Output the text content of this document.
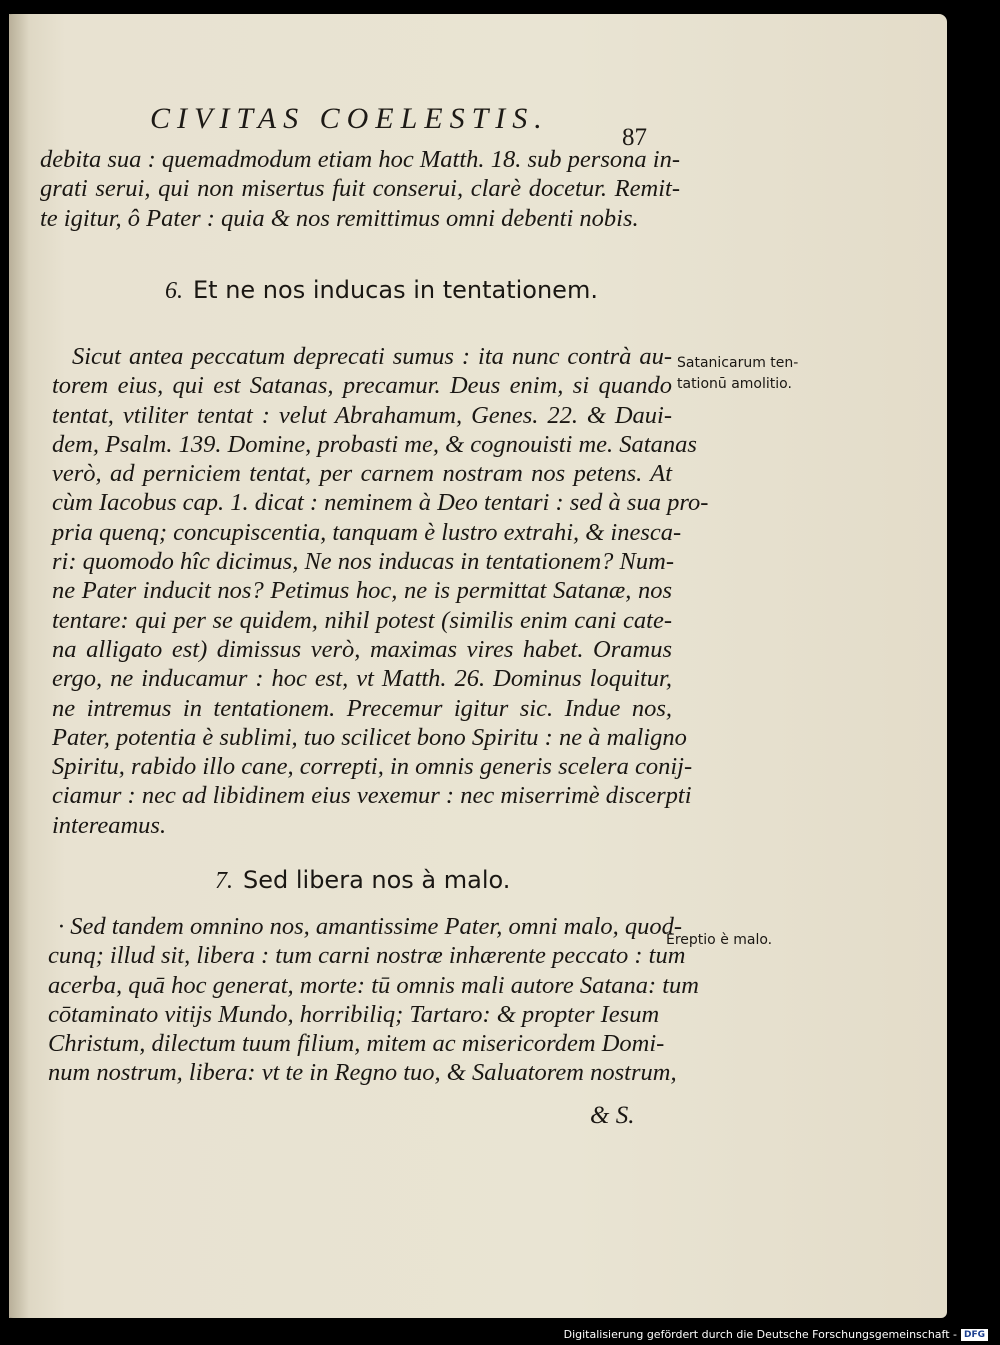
CIVITAS COELESTIS.
87
debita sua : quemadmodum etiam hoc Matth. 18. sub persona in-
grati serui, qui non misertus fuit conserui, clarè docetur. Remit-
te igitur, ô Pater : quia & nos remittimus omni debenti nobis.
6. Et ne nos inducas in tentationem.
Satanicarum ten-
tationū amolitio.
Sicut antea peccatum deprecati sumus : ita nunc contrà au-
torem eius, qui est Satanas, precamur. Deus enim, si quando
tentat, vtiliter tentat : velut Abrahamum, Genes. 22. & Daui-
dem, Psalm. 139. Domine, probasti me, & cognouisti me. Satanas
verò, ad perniciem tentat, per carnem nostram nos petens. At
cùm Iacobus cap. 1. dicat : neminem à Deo tentari : sed à sua pro-
pria quenq; concupiscentia, tanquam è lustro extrahi, & inesca-
ri: quomodo hîc dicimus, Ne nos inducas in tentationem? Num-
ne Pater inducit nos? Petimus hoc, ne is permittat Satanæ, nos
tentare: qui per se quidem, nihil potest (similis enim cani cate-
na alligato est) dimissus verò, maximas vires habet. Oramus
ergo, ne inducamur : hoc est, vt Matth. 26. Dominus loquitur,
ne intremus in tentationem. Precemur igitur sic. Indue nos,
Pater, potentia è sublimi, tuo scilicet bono Spiritu : ne à maligno
Spiritu, rabido illo cane, correpti, in omnis generis scelera conij-
ciamur : nec ad libidinem eius vexemur : nec miserrimè discerpti
intereamus.
7. Sed libera nos à malo.
Ereptio è malo.
· Sed tandem omnino nos, amantissime Pater, omni malo, quod-
cunq; illud sit, libera : tum carni nostræ inhærente peccato : tum
acerba, quā hoc generat, morte: tū omnis mali autore Satana: tum
cōtaminato vitijs Mundo, horribiliq; Tartaro: & propter Iesum
Christum, dilectum tuum filium, mitem ac misericordem Domi-
num nostrum, libera: vt te in Regno tuo, & Saluatorem nostrum,
& S.
Digitalisierung gefördert durch die Deutsche Forschungsgemeinschaft - DFG
